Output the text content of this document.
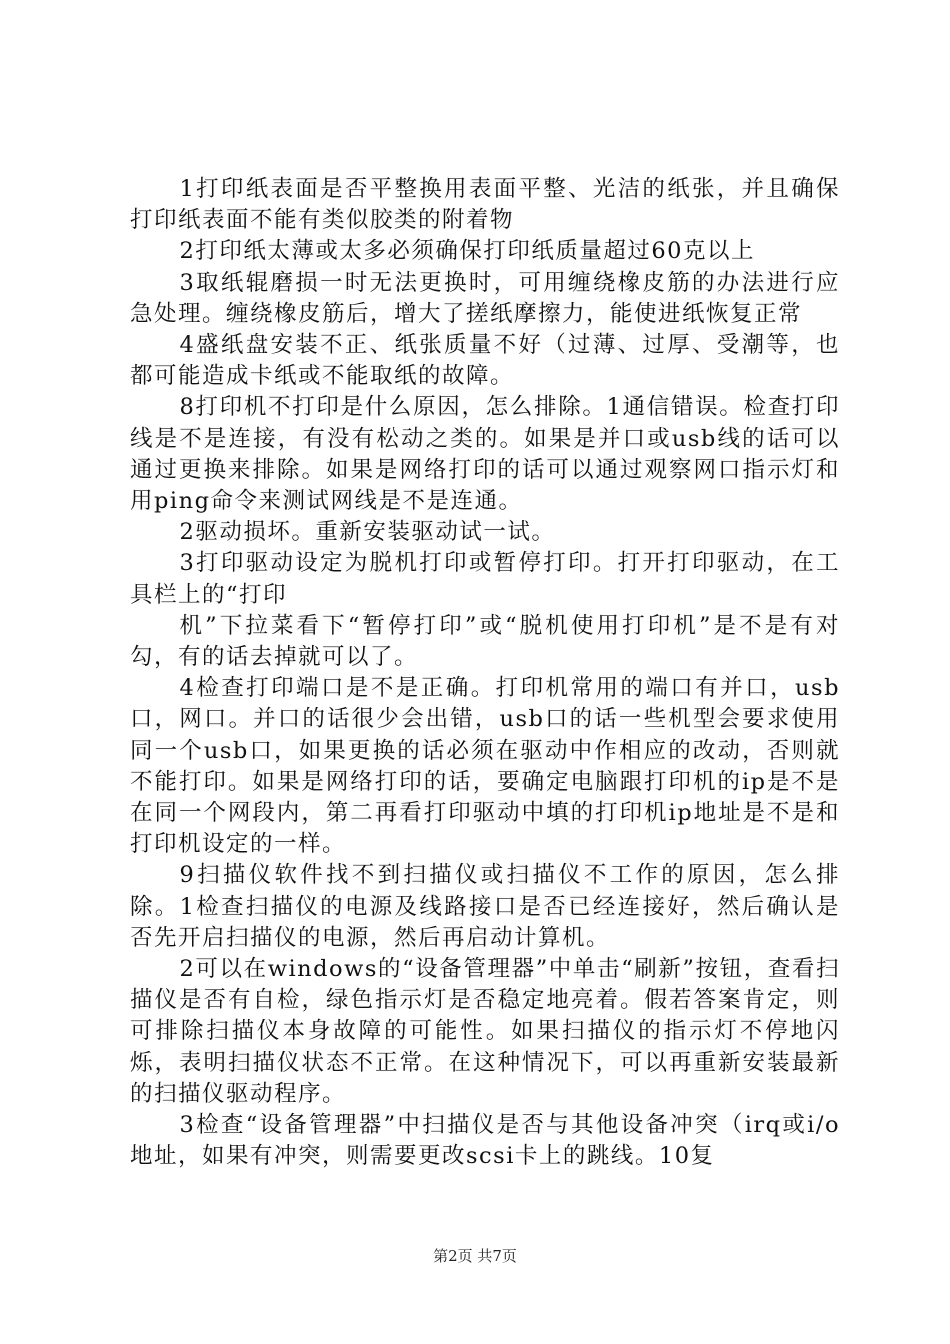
1打印纸表面是否平整换用表面平整、光洁的纸张，并且确保打印纸表面不能有类似胶类的附着物

2打印纸太薄或太多必须确保打印纸质量超过60克以上

3取纸辊磨损一时无法更换时，可用缠绕橡皮筋的办法进行应急处理。缠绕橡皮筋后，增大了搓纸摩擦力，能使进纸恢复正常

4盛纸盘安装不正、纸张质量不好（过薄、过厚、受潮等，也都可能造成卡纸或不能取纸的故障。

8打印机不打印是什么原因，怎么排除。1通信错误。检查打印线是不是连接，有没有松动之类的。如果是并口或usb线的话可以通过更换来排除。如果是网络打印的话可以通过观察网口指示灯和用ping命令来测试网线是不是连通。

2驱动损坏。重新安装驱动试一试。

3打印驱动设定为脱机打印或暂停打印。打开打印驱动，在工具栏上的“打印

机”下拉菜看下“暂停打印”或“脱机使用打印机”是不是有对勾，有的话去掉就可以了。

4检查打印端口是不是正确。打印机常用的端口有并口，usb口，网口。并口的话很少会出错，usb口的话一些机型会要求使用同一个usb口，如果更换的话必须在驱动中作相应的改动，否则就不能打印。如果是网络打印的话，要确定电脑跟打印机的ip是不是在同一个网段内，第二再看打印驱动中填的打印机ip地址是不是和打印机设定的一样。

9扫描仪软件找不到扫描仪或扫描仪不工作的原因，怎么排除。1检查扫描仪的电源及线路接口是否已经连接好，然后确认是否先开启扫描仪的电源，然后再启动计算机。

2可以在windows的“设备管理器”中单击“刷新”按钮，查看扫描仪是否有自检，绿色指示灯是否稳定地亮着。假若答案肯定，则可排除扫描仪本身故障的可能性。如果扫描仪的指示灯不停地闪烁，表明扫描仪状态不正常。在这种情况下，可以再重新安装最新的扫描仪驱动程序。

3检查“设备管理器”中扫描仪是否与其他设备冲突（irq或i/o地址，如果有冲突，则需要更改scsi卡上的跳线。10复

第2页 共7页
